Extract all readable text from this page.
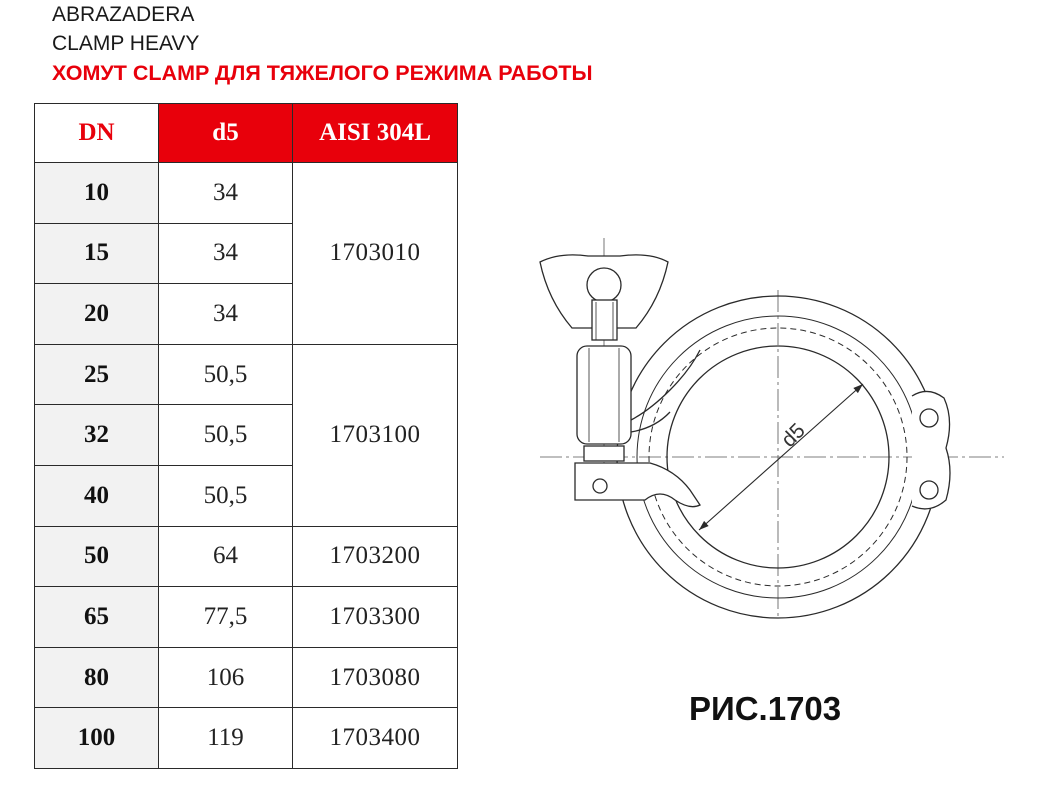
ABRAZADERA

CLAMP HEAVY

ХОМУТ CLAMP ДЛЯ ТЯЖЕЛОГО РЕЖИМА РАБОТЫ

DN	d5	AISI 304L
10	34	1703010
15	34	
20	34	
25	50,5	1703100
32	50,5	
40	50,5	
50	64	1703200
65	77,5	1703300
80	106	1703080
100	119	1703400
d5

РИС.1703
